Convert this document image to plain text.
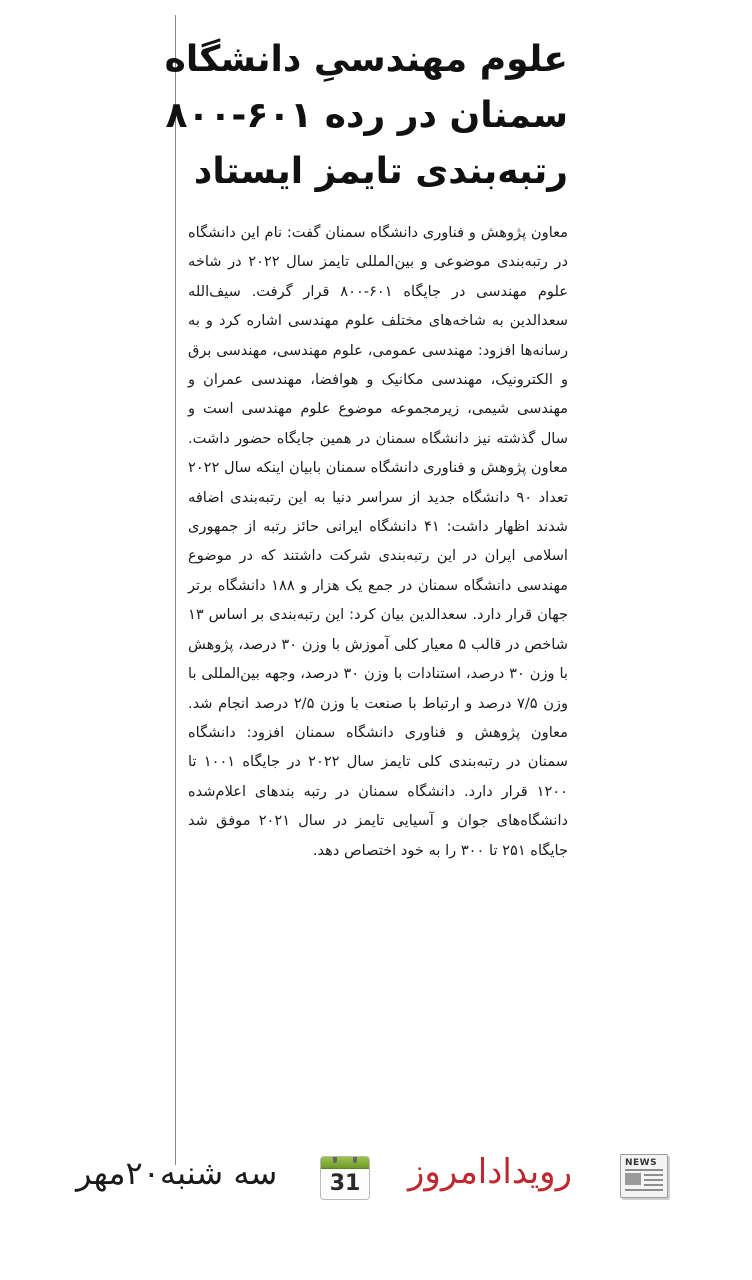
علوم مهندسیِ دانشگاه
سمنان در رده ۶۰۱-۸۰۰
رتبه‌بندی تایمز ایستاد

معاون پژوهش و فناوری دانشگاه سمنان گفت: نام این دانشگاه در رتبه‌بندی موضوعی و بین‌المللی تایمز سال ۲۰۲۲ در شاخه علوم مهندسی در جایگاه ۶۰۱-۸۰۰ قرار گرفت. سیف‌الله سعدالدین به شاخه‌های مختلف علوم مهندسی اشاره کرد و به رسانه‌ها افزود: مهندسی عمومی، علوم مهندسی، مهندسی برق و الکترونیک، مهندسی مکانیک و هوافضا، مهندسی عمران و مهندسی شیمی، زیرمجموعه موضوع علوم مهندسی است و سال گذشته نیز دانشگاه سمنان در همین جایگاه حضور داشت. معاون پژوهش و فناوری دانشگاه سمنان بابیان اینکه سال ۲۰۲۲ تعداد ۹۰ دانشگاه جدید از سراسر دنیا به این رتبه‌بندی اضافه شدند اظهار داشت: ۴۱ دانشگاه ایرانی حائز رتبه از جمهوری اسلامی ایران در این رتبه‌بندی شرکت داشتند که در موضوع مهندسی دانشگاه سمنان در جمع یک هزار و ۱۸۸ دانشگاه برتر جهان قرار دارد. سعدالدین بیان کرد: این رتبه‌بندی بر اساس ۱۳ شاخص در قالب ۵ معیار کلی آموزش با وزن ۳۰ درصد، پژوهش با وزن ۳۰ درصد، استنادات با وزن ۳۰ درصد، وجهه بین‌المللی با وزن ۷/۵ درصد و ارتباط با صنعت با وزن ۲/۵ درصد انجام شد. معاون پژوهش و فناوری دانشگاه سمنان افزود: دانشگاه سمنان در رتبه‌بندی کلی تایمز سال ۲۰۲۲ در جایگاه ۱۰۰۱ تا ۱۲۰۰ قرار دارد. دانشگاه سمنان در رتبه بندهای اعلام‌شده دانشگاه‌های جوان و آسیایی تایمز در سال ۲۰۲۱ موفق شد جایگاه ۲۵۱ تا ۳۰۰ را به خود اختصاص دهد.

سه شنبه۲۰مهر	31 رویدادامروز	NEWS
